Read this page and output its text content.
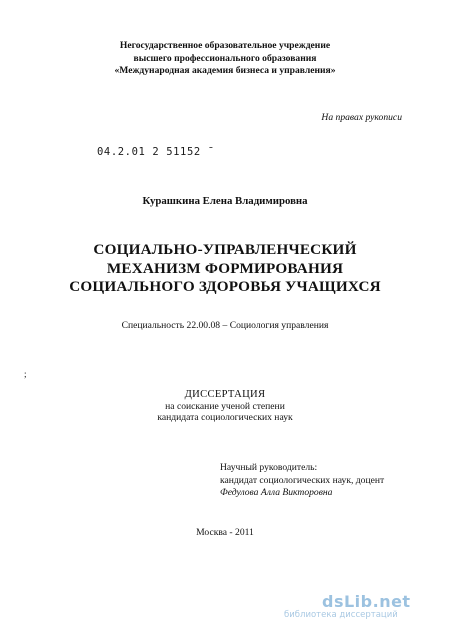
Негосударственное образовательное учреждение
высшего профессионального образования
«Международная академия бизнеса и управления»
На правах рукописи
04.2.01 2 51152 ˉ
Курашкина Елена Владимировна
СОЦИАЛЬНО-УПРАВЛЕНЧЕСКИЙ
МЕХАНИЗМ ФОРМИРОВАНИЯ
СОЦИАЛЬНОГО ЗДОРОВЬЯ УЧАЩИХСЯ
Специальность 22.00.08 – Социология управления
;
ДИССЕРТАЦИЯ
на соискание ученой степени
кандидата социологических наук
Научный руководитель:
кандидат социологических наук, доцент
Федулова Алла Викторовна
Москва - 2011
dsLib.net
библиотека диссертаций
